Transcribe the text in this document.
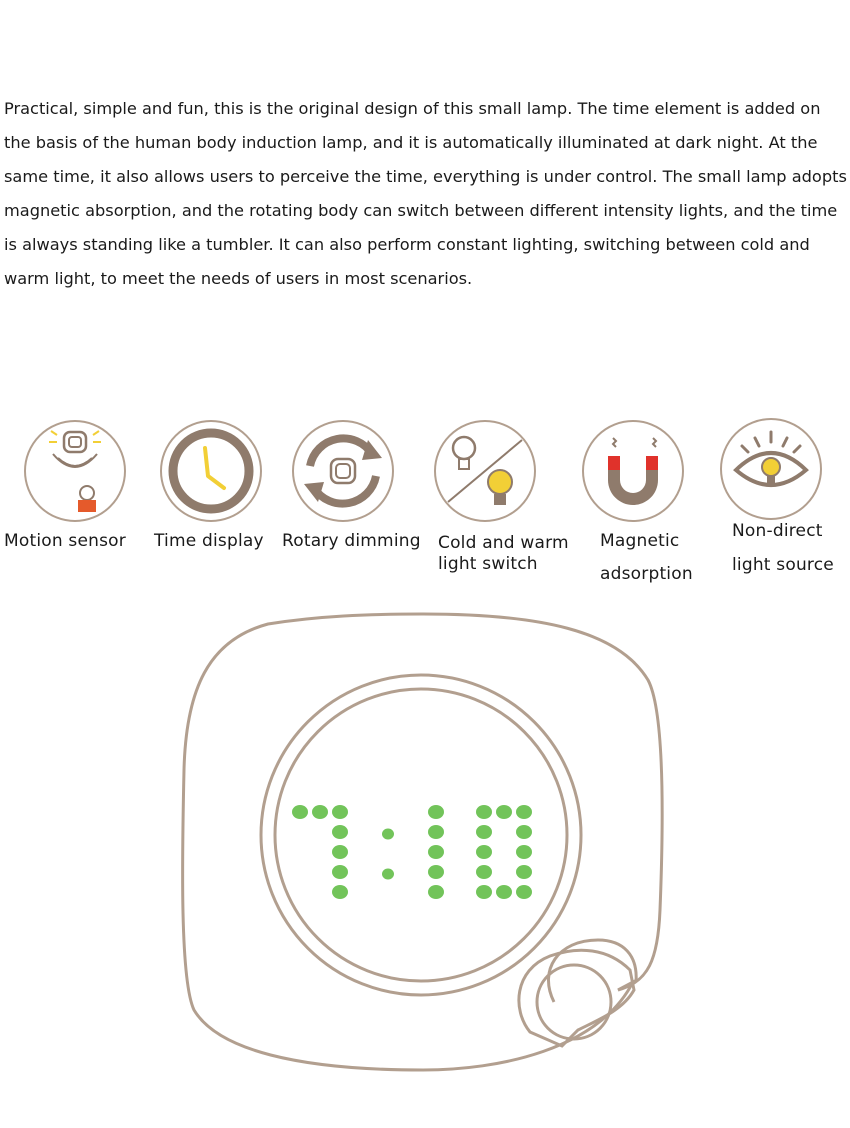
Practical, simple and fun, this is the original design of this small lamp. The time element is added on the basis of the human body induction lamp, and it is automatically illuminated at dark night. At the same time, it also allows users to perceive the time, everything is under control. The small lamp adopts magnetic absorption, and the rotating body can switch between different intensity lights, and the time is always standing like a tumbler. It can also perform constant lighting, switching between cold and warm light, to meet the needs of users in most scenarios.

Motion sensor Time display Rotary dimming Cold and warm
light switch
Magnetic
adsorption
Non-direct
light source
